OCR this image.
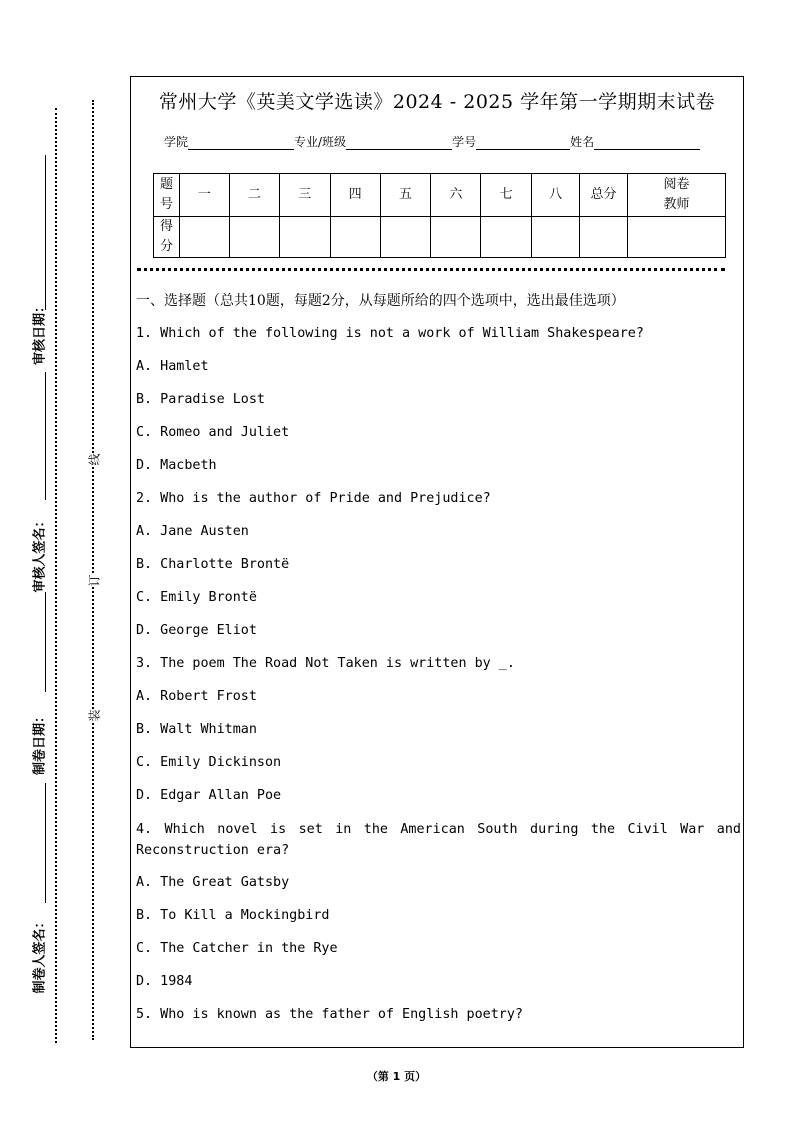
审核日期：
审核人签名：
制卷日期：
制卷人签名：
线
订
装
常州大学《英美文学选读》2024 - 2025 学年第一学期期末试卷
学院	专业/班级	学号	姓名
题号	一	二	三	四	五	六	七	八	总分	阅卷教师
得分										
一、选择题（总共10题，每题2分，从每题所给的四个选项中，选出最佳选项）
1. Which of the following is not a work of William Shakespeare?
A. Hamlet
B. Paradise Lost
C. Romeo and Juliet
D. Macbeth
2. Who is the author of Pride and Prejudice?
A. Jane Austen
B. Charlotte Brontë
C. Emily Brontë
D. George Eliot
3. The poem The Road Not Taken is written by _.
A. Robert Frost
B. Walt Whitman
C. Emily Dickinson
D. Edgar Allan Poe
4. Which novel is set in the American South during the Civil War and Reconstruction era?
A. The Great Gatsby
B. To Kill a Mockingbird
C. The Catcher in the Rye
D. 1984
5. Who is known as the father of English poetry?
（第 1 页）
